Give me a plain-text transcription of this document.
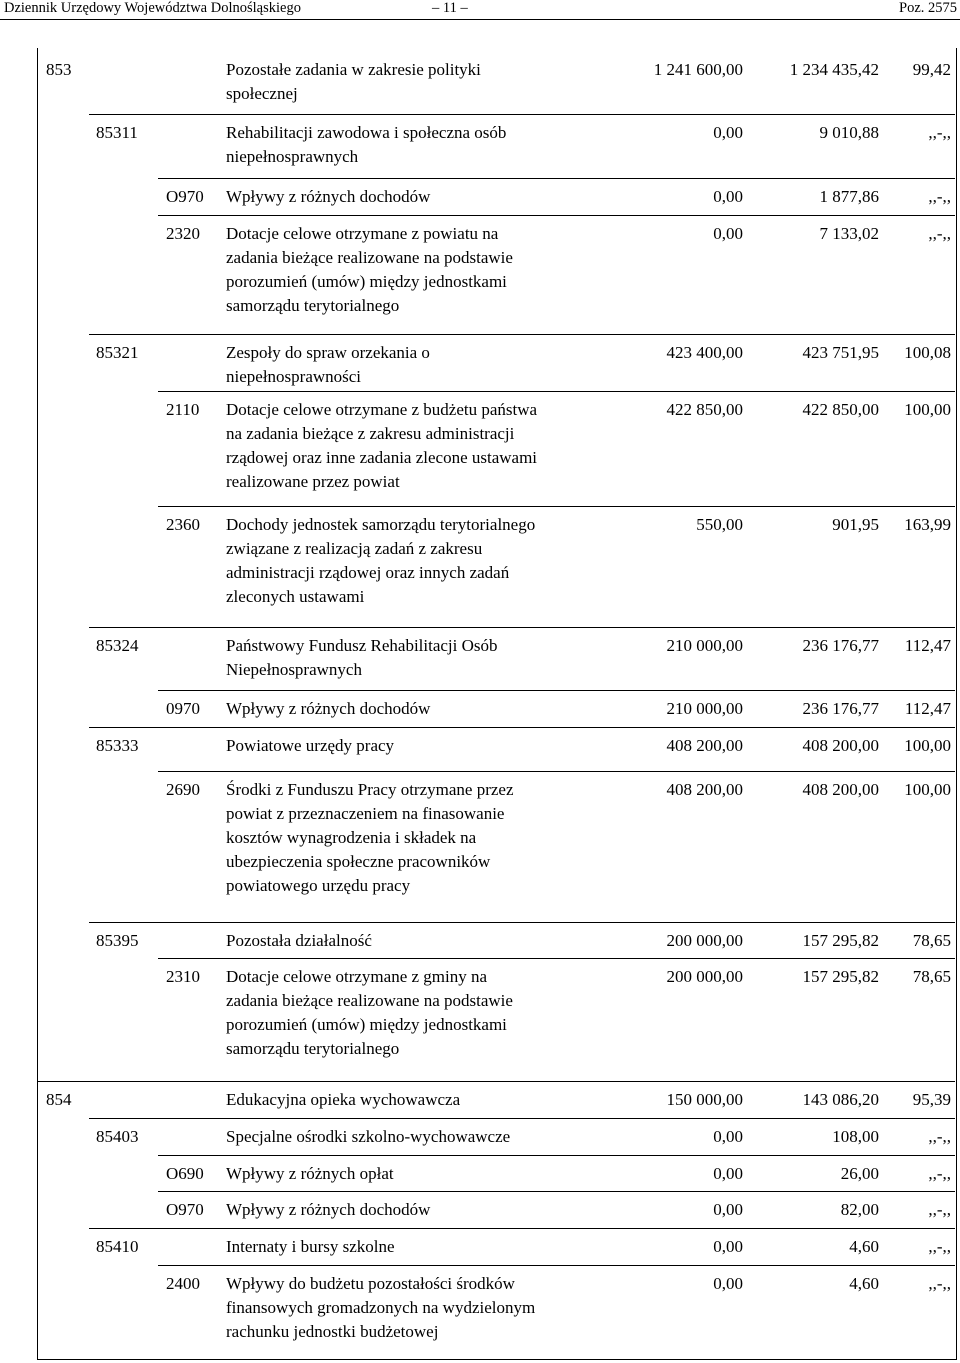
Dziennik Urzędowy Województwa Dolnośląskiego	– 11 –	Poz. 2575
853	Pozostałe zadania w zakresie polityki
społecznej
1 241 600,00	1 234 435,42 99,42
85311	Rehabilitacji zawodowa i społeczna osób
niepełnosprawnych
0,00	9 010,88	,,-,,
O970 Wpływy z różnych dochodów	0,00	1 877,86	,,-,,
2320 Dotacje celowe otrzymane z powiatu na
zadania bieżące realizowane na podstawie
porozumień (umów) między jednostkami
samorządu terytorialnego
0,00	7 133,02	,,-,,
85321	Zespoły do spraw orzekania o
niepełnosprawności
423 400,00	423 751,95 100,08
2110 Dotacje celowe otrzymane z budżetu państwa
na zadania bieżące z zakresu administracji
rządowej oraz inne zadania zlecone ustawami
realizowane przez powiat
422 850,00	422 850,00 100,00
2360 Dochody jednostek samorządu terytorialnego
związane z realizacją zadań z zakresu
administracji rządowej oraz innych zadań
zleconych ustawami
550,00	901,95 163,99
85324	Państwowy Fundusz Rehabilitacji Osób
Niepełnosprawnych
210 000,00	236 176,77 112,47
0970 Wpływy z różnych dochodów	210 000,00	236 176,77 112,47
85333	Powiatowe urzędy pracy	408 200,00	408 200,00 100,00
2690 Środki z Funduszu Pracy otrzymane przez
powiat z przeznaczeniem na finasowanie
kosztów wynagrodzenia i składek na
ubezpieczenia społeczne pracowników
powiatowego urzędu pracy
408 200,00	408 200,00 100,00
85395	Pozostała działalność	200 000,00	157 295,82 78,65
2310 Dotacje celowe otrzymane z gminy na
zadania bieżące realizowane na podstawie
porozumień (umów) między jednostkami
samorządu terytorialnego
200 000,00	157 295,82 78,65
854	Edukacyjna opieka wychowawcza	150 000,00	143 086,20 95,39
85403	Specjalne ośrodki szkolno-wychowawcze	0,00	108,00	,,-,,
O690 Wpływy z różnych opłat	0,00	26,00	,,-,,
O970 Wpływy z różnych dochodów	0,00	82,00	,,-,,
85410	Internaty i bursy szkolne	0,00	4,60	,,-,,
2400 Wpływy do budżetu pozostałości środków
finansowych gromadzonych na wydzielonym
rachunku jednostki budżetowej
0,00	4,60	,,-,,
